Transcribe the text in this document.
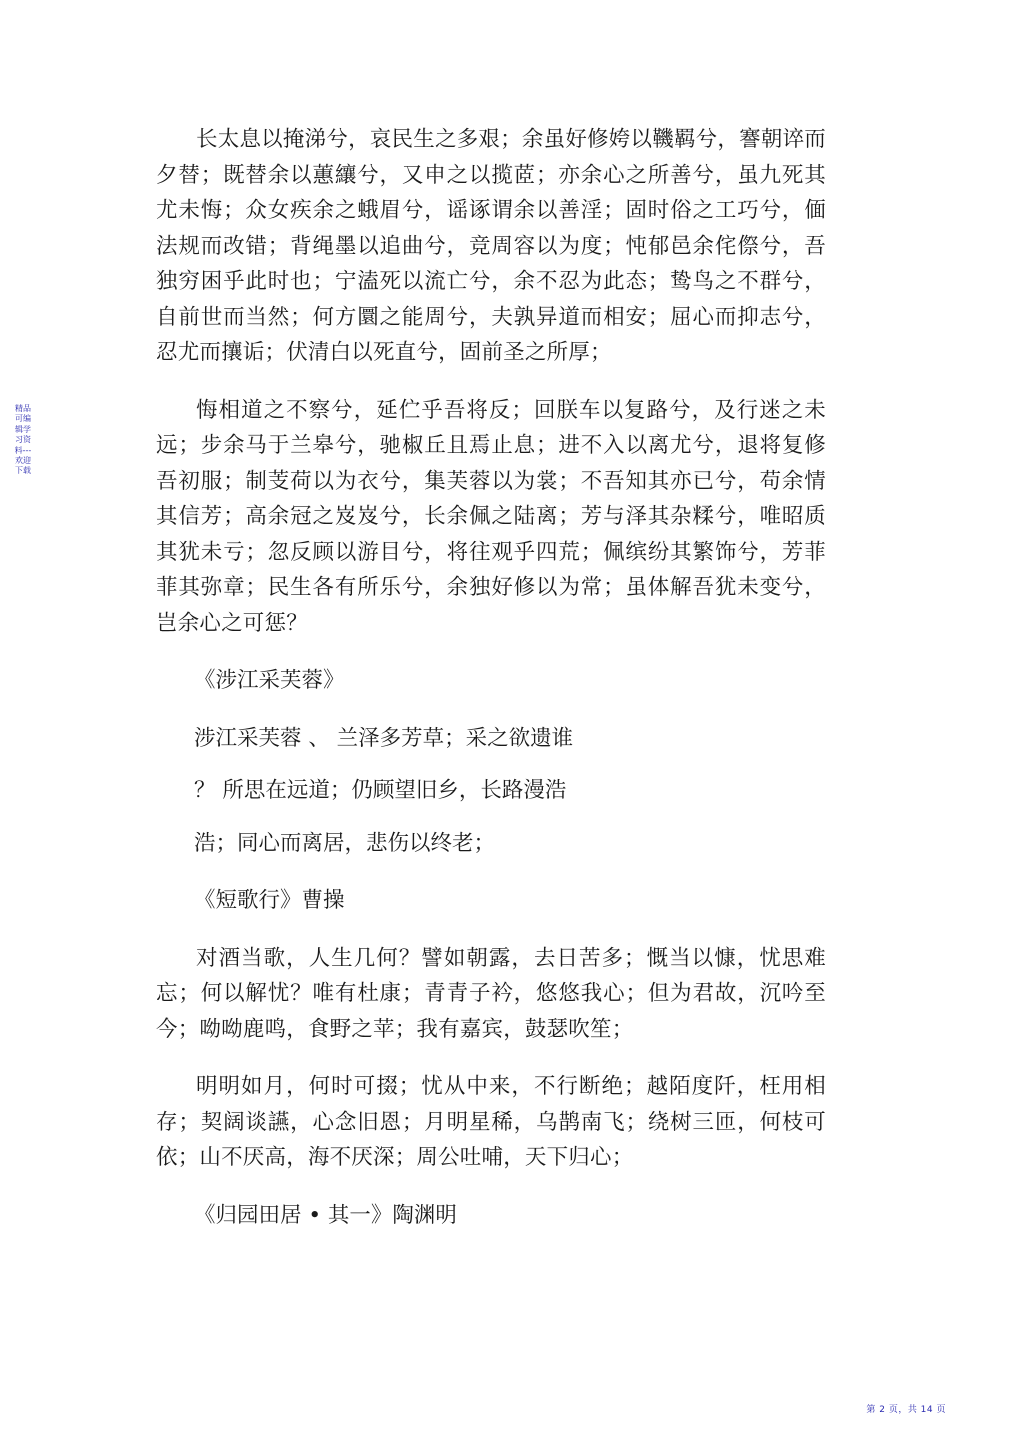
精品可编辑学习资料---欢迎下载

长太息以掩涕兮，哀民生之多艰；余虽好修姱以鞿羁兮，謇朝谇而夕替；既替余以蕙纕兮，又申之以揽茝；亦余心之所善兮，虽九死其尤未悔；众女疾余之蛾眉兮，谣诼谓余以善淫；固时俗之工巧兮，偭法规而改错；背绳墨以追曲兮，竞周容以为度；忳郁邑余侘傺兮，吾独穷困乎此时也；宁溘死以流亡兮，余不忍为此态；鸷鸟之不群兮，自前世而当然；何方圜之能周兮，夫孰异道而相安；屈心而抑志兮，忍尤而攘诟；伏清白以死直兮，固前圣之所厚；

悔相道之不察兮，延伫乎吾将反；回朕车以复路兮，及行迷之未远；步余马于兰皋兮，驰椒丘且焉止息；进不入以离尤兮，退将复修吾初服；制芰荷以为衣兮，集芙蓉以为裳；不吾知其亦已兮，苟余情其信芳；高余冠之岌岌兮，长余佩之陆离；芳与泽其杂糅兮，唯昭质其犹未亏；忽反顾以游目兮，将往观乎四荒；佩缤纷其繁饰兮，芳菲菲其弥章；民生各有所乐兮，余独好修以为常；虽体解吾犹未变兮，岂余心之可惩？

《涉江采芙蓉》

涉江采芙蓉 、 兰泽多芳草；采之欲遗谁

？ 所思在远道；仍顾望旧乡，长路漫浩

浩；同心而离居，悲伤以终老；

《短歌行》曹操

对酒当歌，人生几何？譬如朝露，去日苦多；慨当以慷，忧思难忘；何以解忧？唯有杜康；青青子衿，悠悠我心；但为君故，沉吟至今；呦呦鹿鸣，食野之苹；我有嘉宾，鼓瑟吹笙；

明明如月，何时可掇；忧从中来，不行断绝；越陌度阡，枉用相存；契阔谈讌，心念旧恩；月明星稀，乌鹊南飞；绕树三匝，何枝可依；山不厌高，海不厌深；周公吐哺，天下归心；

《归园田居 • 其一》陶渊明

第 2 页，共 14 页
